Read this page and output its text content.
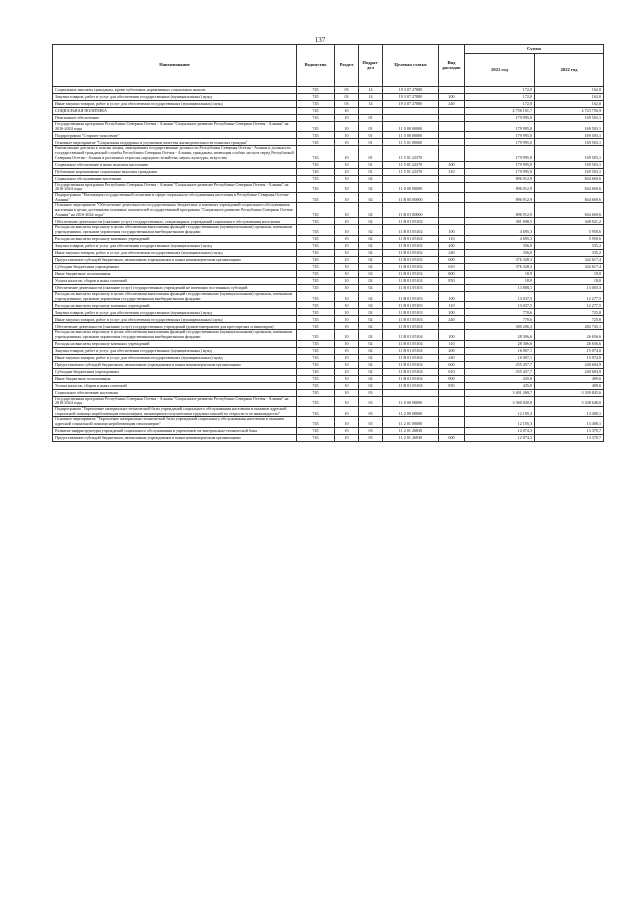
137
Наименование	Ведомство	Раздел	Подраз-дел	Целевая статья	Вид расходов	Сумма	
						2021 год	2022 год
Социальные выплаты гражданам, кроме публичных нормативных социальных выплат	745	03	14	19 3 07 27880		172,0	162,0
Закупка товаров, работ и услуг для обеспечения государственных (муниципальных) нужд	745	03	14	19 3 07 27880	200	172,0	162,0
Иные закупки товаров, работ и услуг для обеспечения государственных (муниципальных) нужд	745	03	14	19 3 07 27880	240	172,0	162,0
СОЦИАЛЬНАЯ ПОЛИТИКА	745	10				4 756 101,7	4 723 756,9
Пенсионное обеспечение	745	10	01			179 995,0	169 503,1
Государственная программа Республики Северная Осетия - Алания "Социальное развитие Республики Северная Осетия - Алания" на 2016-2024 годы	745	10	01	11 0 00 00000		179 995,0	169 503,1
Подпрограмма "Старшее поколение"	745	10	01	11 5 00 00000		179 995,0	169 503,1
Основное мероприятие "Социальная поддержка и улучшение качества жизнедеятельности пожилых граждан"	745	10	01	11 5 01 00000		179 995,0	169 503,1
Ежемесячные доплаты к пенсии лицам, замещавшим государственные должности Республики Северная Осетия - Алания и должности государственной гражданской службы Республики Северная Осетия - Алания, гражданам, имеющим особые заслуги перед Республикой Северная Осетия - Алания в различных отраслях народного хозяйства, науки, культуры, искусства	745	10	01	11 5 01 22370		179 995,0	169 503,1
Социальное обеспечение и иные выплаты населению	745	10	01	11 5 01 22370	300	179 995,0	169 503,1
Публичные нормативные социальные выплаты гражданам	745	10	01	11 5 01 22370	310	179 995,0	169 503,1
Социальное обслуживание населения	745	10	02			896 912,9	844 669,6
Государственная программа Республики Северная Осетия - Алания "Социальное развитие Республики Северная Осетия - Алания" на 2016-2024 годы	745	10	02	11 0 00 00000		896 912,9	844 669,6
Подпрограмма "Реализация государственной политики в сфере социального обслуживания населения в Республике Северная Осетия-Алания"	745	10	02	11 В 00 00000		896 912,9	844 669,6
Основное мероприятие "Обеспечение деятельности государственных бюджетных и казенных учреждений социального обслуживания населения в целях достижения основных показателей государственной программы "Социальное развитие Республики Северная Осетия-Алания" на 2016-2024 годы"	745	10	02	11 В 01 00000		896 912,9	844 669,6
Обеспечение деятельности (оказание услуг) государственных, стационарных учреждений социального обслуживания населения	745	10	02	11 В 01 05102		381 698,5	348 921,2
Расходы на выплаты персоналу в целях обеспечения выполнения функций государственными (муниципальными) органами, казенными учреждениями, органами управления государственными внебюджетными фондами	745	10	02	11 В 01 05102	100	4 695,3	5 950,6
Расходы на выплаты персоналу казенных учреждений	745	10	02	11 В 01 05102	110	4 695,3	5 950,6
Закупка товаров, работ и услуг для обеспечения государственных (муниципальных) нужд	745	10	02	11 В 01 05102	200	356,0	335,2
Иные закупки товаров, работ и услуг для обеспечения государственных (муниципальных) нужд	745	10	02	11 В 01 05102	240	356,0	335,2
Предоставление субсидий бюджетным, автономным учреждениям и иным некоммерческим организациям	745	10	02	11 В 01 05102	600	376 328,3	342 617,4
Субсидии бюджетным учреждениям	745	10	02	11 В 01 05102	610	376 328,3	342 617,4
Иные бюджетные ассигнования	745	10	02	11 В 01 05102	800	18,9	18,0
Уплата налогов, сборов и иных платежей	745	10	02	11 В 01 05102	850	18,9	18,0
Обеспечение деятельности (оказание услуг) государственных учреждений не имеющих постоянных субсидий	745	10	02	11 В 01 05103		13 808,1	13 003,3
Расходы на выплаты персоналу в целях обеспечения выполнения функций государственными (муниципальными) органами, казенными учреждениями, органами управления государственными внебюджетными фондами	745	10	02	11 В 01 05103	100	13 037,5	12 277,5
Расходы на выплаты персоналу казенных учреждений	745	10	02	11 В 01 05103	110	13 037,5	12 277,5
Закупка товаров, работ и услуг для обеспечения государственных (муниципальных) нужд	745	10	02	11 В 01 05103	200	770,6	725,8
Иные закупки товаров, работ и услуг для обеспечения государственных (муниципальных) нужд	745	10	02	11 В 01 05103	240	770,6	725,8
Обеспечение деятельности (оказание услуг) государственных учреждений (домов-интернатов для престарелых и инвалидов)	745	10	02	11 В 01 05104		300 206,3	282 745,1
Расходы на выплаты персоналу в целях обеспечения выполнения функций государственными (муниципальными) органами, казенными учреждениями, органами управления государственными внебюджетными фондами	745	10	02	11 В 01 05104	100	28 306,6	26 656,6
Расходы на выплаты персоналу казенных учреждений	745	10	02	11 В 01 05104	110	28 306,6	26 656,6
Закупка товаров, работ и услуг для обеспечения государственных (муниципальных) нужд	745	10	02	11 В 01 05104	200	16 007,1	15 074,0
Иные закупки товаров, работ и услуг для обеспечения государственных (муниципальных) нужд	745	10	02	11 В 01 05104	240	16 007,1	15 074,0
Предоставление субсидий бюджетным, автономным учреждениям и иным некоммерческим организациям	745	10	02	11 В 01 05104	600	255 457,7	240 604,9
Субсидии бюджетным учреждениям	745	10	02	11 В 01 05104	610	255 457,7	240 604,9
Иные бюджетные ассигнования	745	10	02	11 В 01 05104	800	435,0	409,6
Уплата налогов, сборов и иных платежей	745	10	02	11 В 01 05104	850	435,0	409,6
Социальное обеспечение населения	745	10	03			3 401 269,7	3 339 845,6
Государственная программа Республики Северная Осетия - Алания "Социальное развитие Республики Северная Осетия - Алания" на 2016-2024 годы	745	10	03	11 0 00 00000		3 360 020,0	3 338 648,0
Подпрограмма "Укрепление материально-технической базы учреждений социального обслуживания населения и оказание адресной социальной помощи неработающим пенсионерам, являющимся получателями трудовых пенсий по старости и по инвалидности"	745	10	03	11 2 00 00000		12 105,3	13 400,1
Основное мероприятие "Укрепление материально-технической базы учреждений социального обслуживания населения и оказание адресной социальной помощи неработающим пенсионерам"	745	10	03	11 2 01 00000		12 105,3	13 400,1
Развитие инфраструктуры учреждений социального обслуживания и укрепление их материально-технической базы	745	10	03	11 2 01 26830		12 074,3	13 370,7
Предоставление субсидий бюджетным, автономным учреждениям и иным некоммерческим организациям	745	10	03	11 2 01 26830	600	12 074,3	13 370,7
